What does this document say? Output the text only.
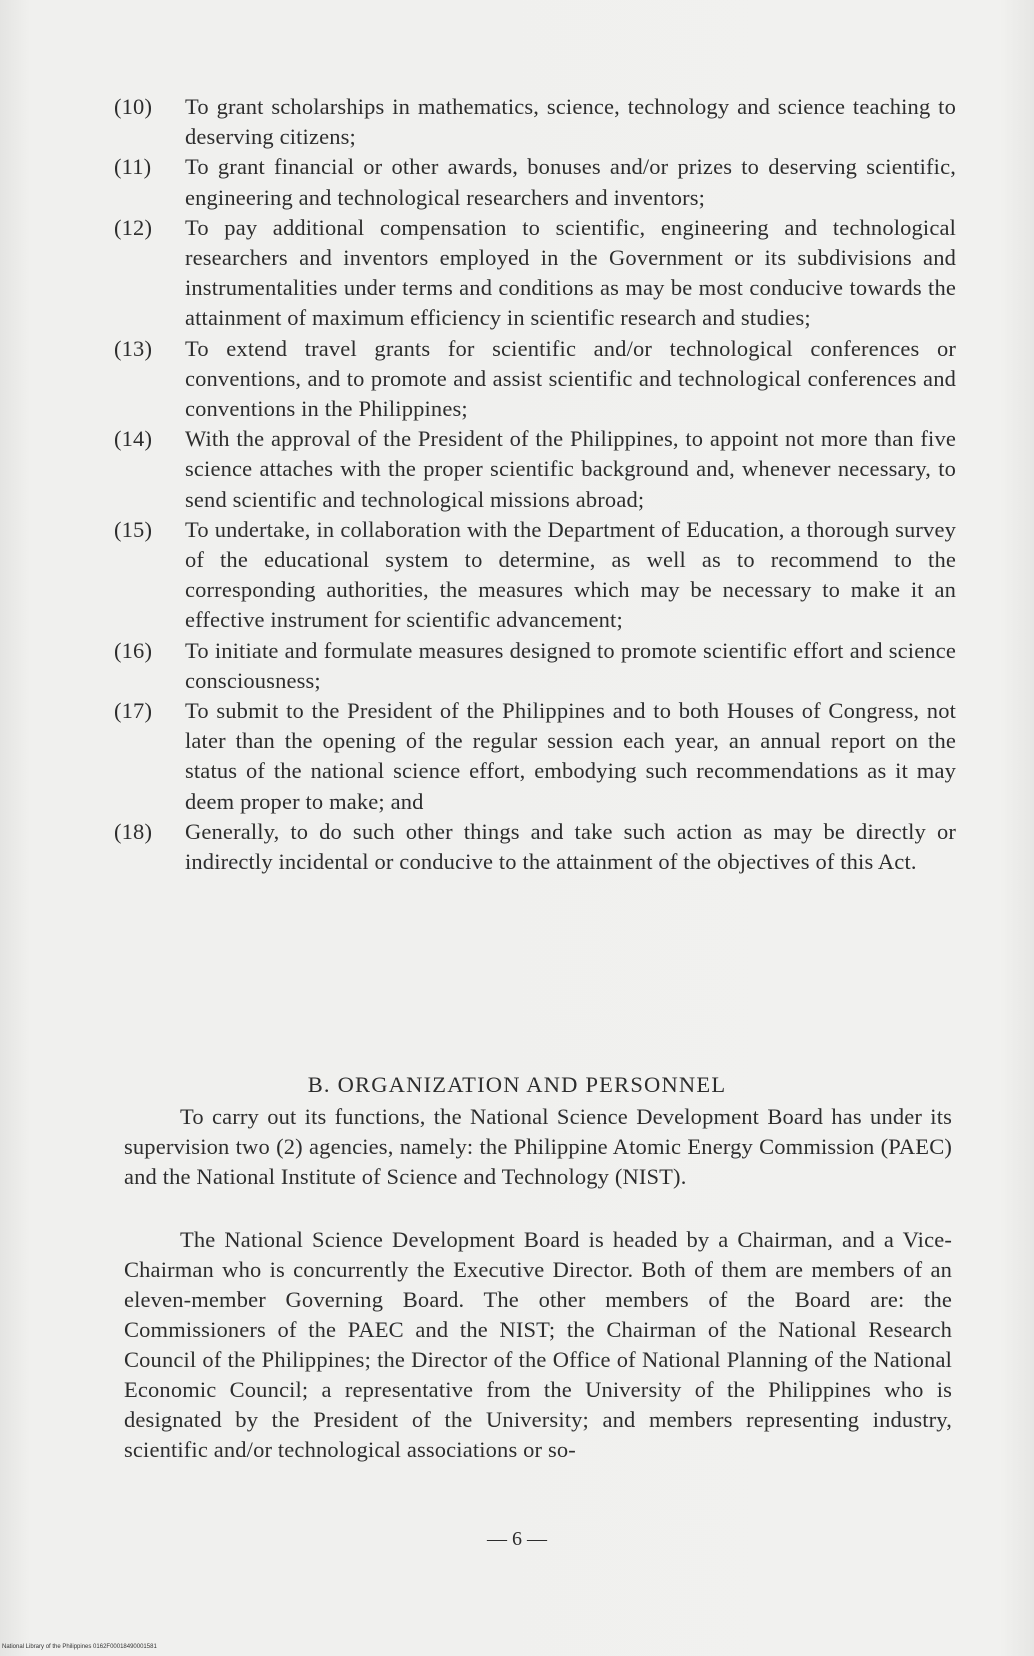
(10)	To grant scholarships in mathematics, science, technology and science teaching to deserving citizens;
(11)	To grant financial or other awards, bonuses and/or prizes to deserving scientific, engineering and technological researchers and inventors;
(12)	To pay additional compensation to scientific, engineering and technological researchers and inventors employed in the Government or its subdivisions and instrumentalities under terms and conditions as may be most conducive towards the attainment of maximum efficiency in scientific research and studies;
(13)	To extend travel grants for scientific and/or technological conferences or conventions, and to promote and assist scientific and technological conferences and conventions in the Philippines;
(14)	With the approval of the President of the Philippines, to appoint not more than five science attaches with the proper scientific background and, whenever necessary, to send scientific and technological missions abroad;
(15)	To undertake, in collaboration with the Department of Education, a thorough survey of the educational system to determine, as well as to recommend to the corresponding authorities, the measures which may be necessary to make it an effective instrument for scientific advancement;
(16)	To initiate and formulate measures designed to promote scientific effort and science consciousness;
(17)	To submit to the President of the Philippines and to both Houses of Congress, not later than the opening of the regular session each year, an annual report on the status of the national science effort, embodying such recommendations as it may deem proper to make; and
(18)	Generally, to do such other things and take such action as may be directly or indirectly incidental or conducive to the attainment of the objectives of this Act.
B. ORGANIZATION AND PERSONNEL

To carry out its functions, the National Science Development Board has under its supervision two (2) agencies, namely: the Philippine Atomic Energy Commission (PAEC) and the National Institute of Science and Technology (NIST).

The National Science Development Board is headed by a Chairman, and a Vice-Chairman who is concurrently the Executive Director. Both of them are members of an eleven-member Governing Board. The other members of the Board are: the Commissioners of the PAEC and the NIST; the Chairman of the National Research Council of the Philippines; the Director of the Office of National Planning of the National Economic Council; a representative from the University of the Philippines who is designated by the President of the University; and members representing industry, scientific and/or technological associations or so-

— 6 —
National Library of the Philippines 0162F00018490001581
